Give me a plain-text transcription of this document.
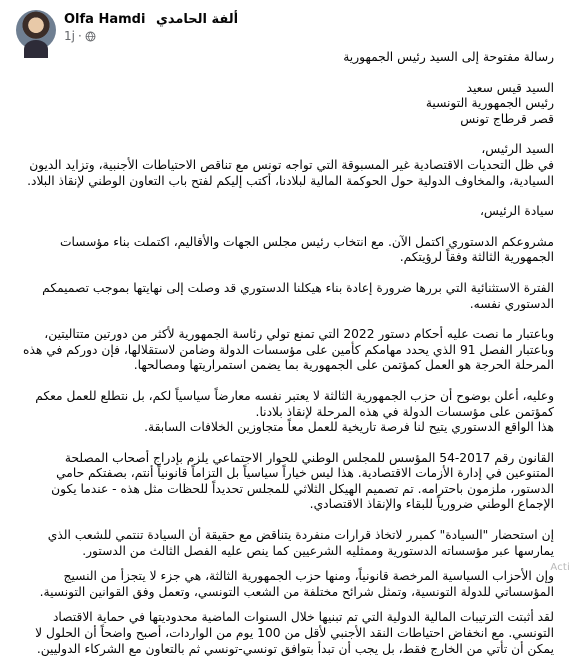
Olfa Hamdi ألفة الحامدي
1j ·

رسالة مفتوحة إلى السيد رئيس الجمهورية

السيد قيس سعيد

رئيس الجمهورية التونسية

قصر قرطاج تونس

السيد الرئيس،

في ظل التحديات الاقتصادية غير المسبوقة التي تواجه تونس مع تناقص الاحتياطات الأجنبية، وتزايد الديون السيادية، والمخاوف الدولية حول الحوكمة المالية لبلادنا، أكتب إليكم لفتح باب التعاون الوطني لإنقاذ البلاد.

سيادة الرئيس،

مشروعكم الدستوري اكتمل الآن. مع انتخاب رئيس مجلس الجهات والأقاليم، اكتملت بناء مؤسسات الجمهورية الثالثة وفقاً لرؤيتكم.

الفترة الاستثنائية التي بررها ضرورة إعادة بناء هيكلنا الدستوري قد وصلت إلى نهايتها بموجب تصميمكم الدستوري نفسه.

وباعتبار ما نصت عليه أحكام دستور 2022 التي تمنع تولي رئاسة الجمهورية لأكثر من دورتين متتاليتين، وباعتبار الفصل 91 الذي يحدد مهامكم كأمين على مؤسسات الدولة وضامن لاستقلالها، فإن دوركم في هذه المرحلة الحرجة هو العمل كمؤتمن على الجمهورية بما يضمن استمراريتها ومصالحها.

وعليه، أعلن بوضوح أن حزب الجمهورية الثالثة لا يعتبر نفسه معارضاً سياسياً لكم، بل نتطلع للعمل معكم كمؤتمن على مؤسسات الدولة في هذه المرحلة لإنقاذ بلادنا.

هذا الواقع الدستوري يتيح لنا فرصة تاريخية للعمل معاً متجاوزين الخلافات السابقة.

القانون رقم 2017-54 المؤسس للمجلس الوطني للحوار الاجتماعي يلزم بإدراج أصحاب المصلحة المتنوعين في إدارة الأزمات الاقتصادية. هذا ليس خياراً سياسياً بل التزاماً قانونياً أنتم، بصفتكم حامي الدستور، ملزمون باحترامه. تم تصميم الهيكل الثلاثي للمجلس تحديداً للحظات مثل هذه - عندما يكون الإجماع الوطني ضرورياً للبقاء والإنقاذ الاقتصادي.

إن استحضار "السيادة" كمبرر لاتخاذ قرارات منفردة يتناقض مع حقيقة أن السيادة تنتمي للشعب الذي يمارسها عبر مؤسساته الدستورية وممثليه الشرعيين كما ينص عليه الفصل الثالث من الدستور.

وإن الأحزاب السياسية المرخصة قانونياً، ومنها حزب الجمهورية الثالثة، هي جزء لا يتجزأ من النسيج المؤسساتي للدولة التونسية، وتمثل شرائح مختلفة من الشعب التونسي، وتعمل وفق القوانين التونسية.

لقد أثبتت الترتيبات المالية الدولية التي تم تبنيها خلال السنوات الماضية محدوديتها في حماية الاقتصاد التونسي. مع انخفاض احتياطات النقد الأجنبي لأقل من 100 يوم من الواردات، أصبح واضحاً أن الحلول لا يمكن أن تأتي من الخارج فقط، بل يجب أن تبدأ بتوافق تونسي-تونسي ثم بالتعاون مع الشركاء الدوليين.

Acti
